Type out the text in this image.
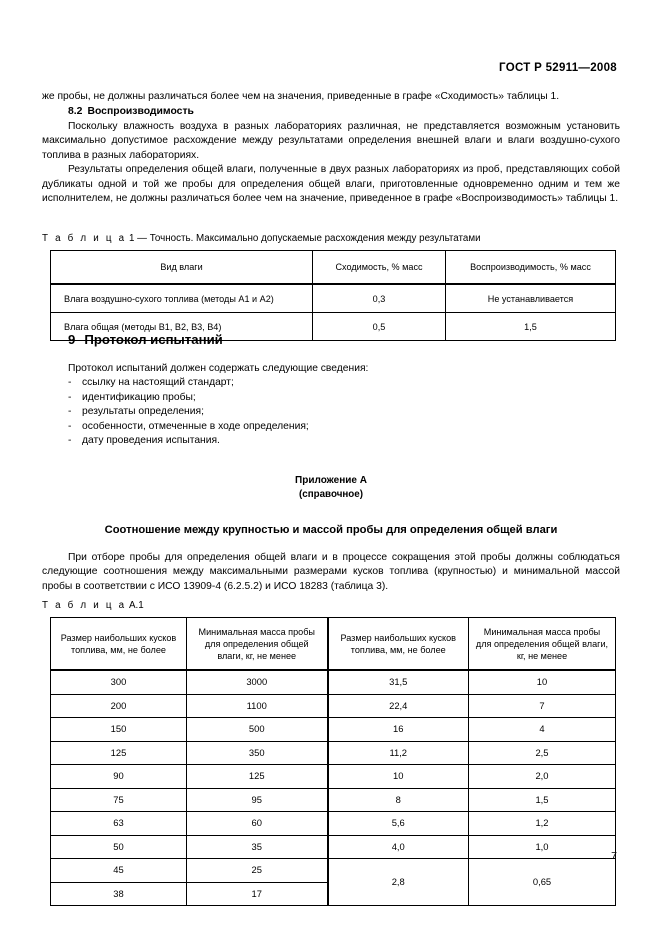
ГОСТ Р 52911—2008

же пробы, не должны различаться более чем на значения, приведенные в графе «Сходимость» таблицы 1.

8.2 Воспроизводимость

Поскольку влажность воздуха в разных лабораториях различная, не представляется возможным установить максимально допустимое расхождение между результатами определения внешней влаги и влаги воздушно-сухого топлива в разных лабораториях.

Результаты определения общей влаги, полученные в двух разных лабораториях из проб, представляющих собой дубликаты одной и той же пробы для определения общей влаги, приготовленные одновременно одним и тем же исполнителем, не должны различаться более чем на значение, приведенное в графе «Воспроизводимость» таблицы 1.

Т а б л и ц а 1 — Точность. Максимально допускаемые расхождения между результатами

Вид влаги	Сходимость, % масс	Воспроизводимость, % масс
Влага воздушно-сухого топлива (методы А1 и А2)	0,3	Не устанавливается
Влага общая (методы В1, В2, В3, В4)	0,5	1,5
9 Протокол испытаний

Протокол испытаний должен содержать следующие сведения:

- ссылку на настоящий стандарт;
- идентификацию пробы;
- результаты определения;
- особенности, отмеченные в ходе определения;
- дату проведения испытания.

Приложение А

(справочное)

Соотношение между крупностью и массой пробы для определения общей влаги

При отборе пробы для определения общей влаги и в процессе сокращения этой пробы должны соблюдаться следующие соотношения между максимальными размерами кусков топлива (крупностью) и минимальной массой пробы в соответствии с ИСО 13909-4 (6.2.5.2) и ИСО 18283 (таблица 3).

Т а б л и ц а А.1

Размер наибольших кусков топлива, мм, не более	Минимальная масса пробы для определения общей влаги, кг, не менее	Размер наибольших кусков топлива, мм, не более	Минимальная масса пробы для определения общей влаги, кг, не менее
300	3000	31,5	10
200	1100	22,4	7
150	500	16	4
125	350	11,2	2,5
90	125	10	2,0
75	95	8	1,5
63	60	5,6	1,2
50	35	4,0	1,0
45	25	2,8	0,65
38	17		
7
